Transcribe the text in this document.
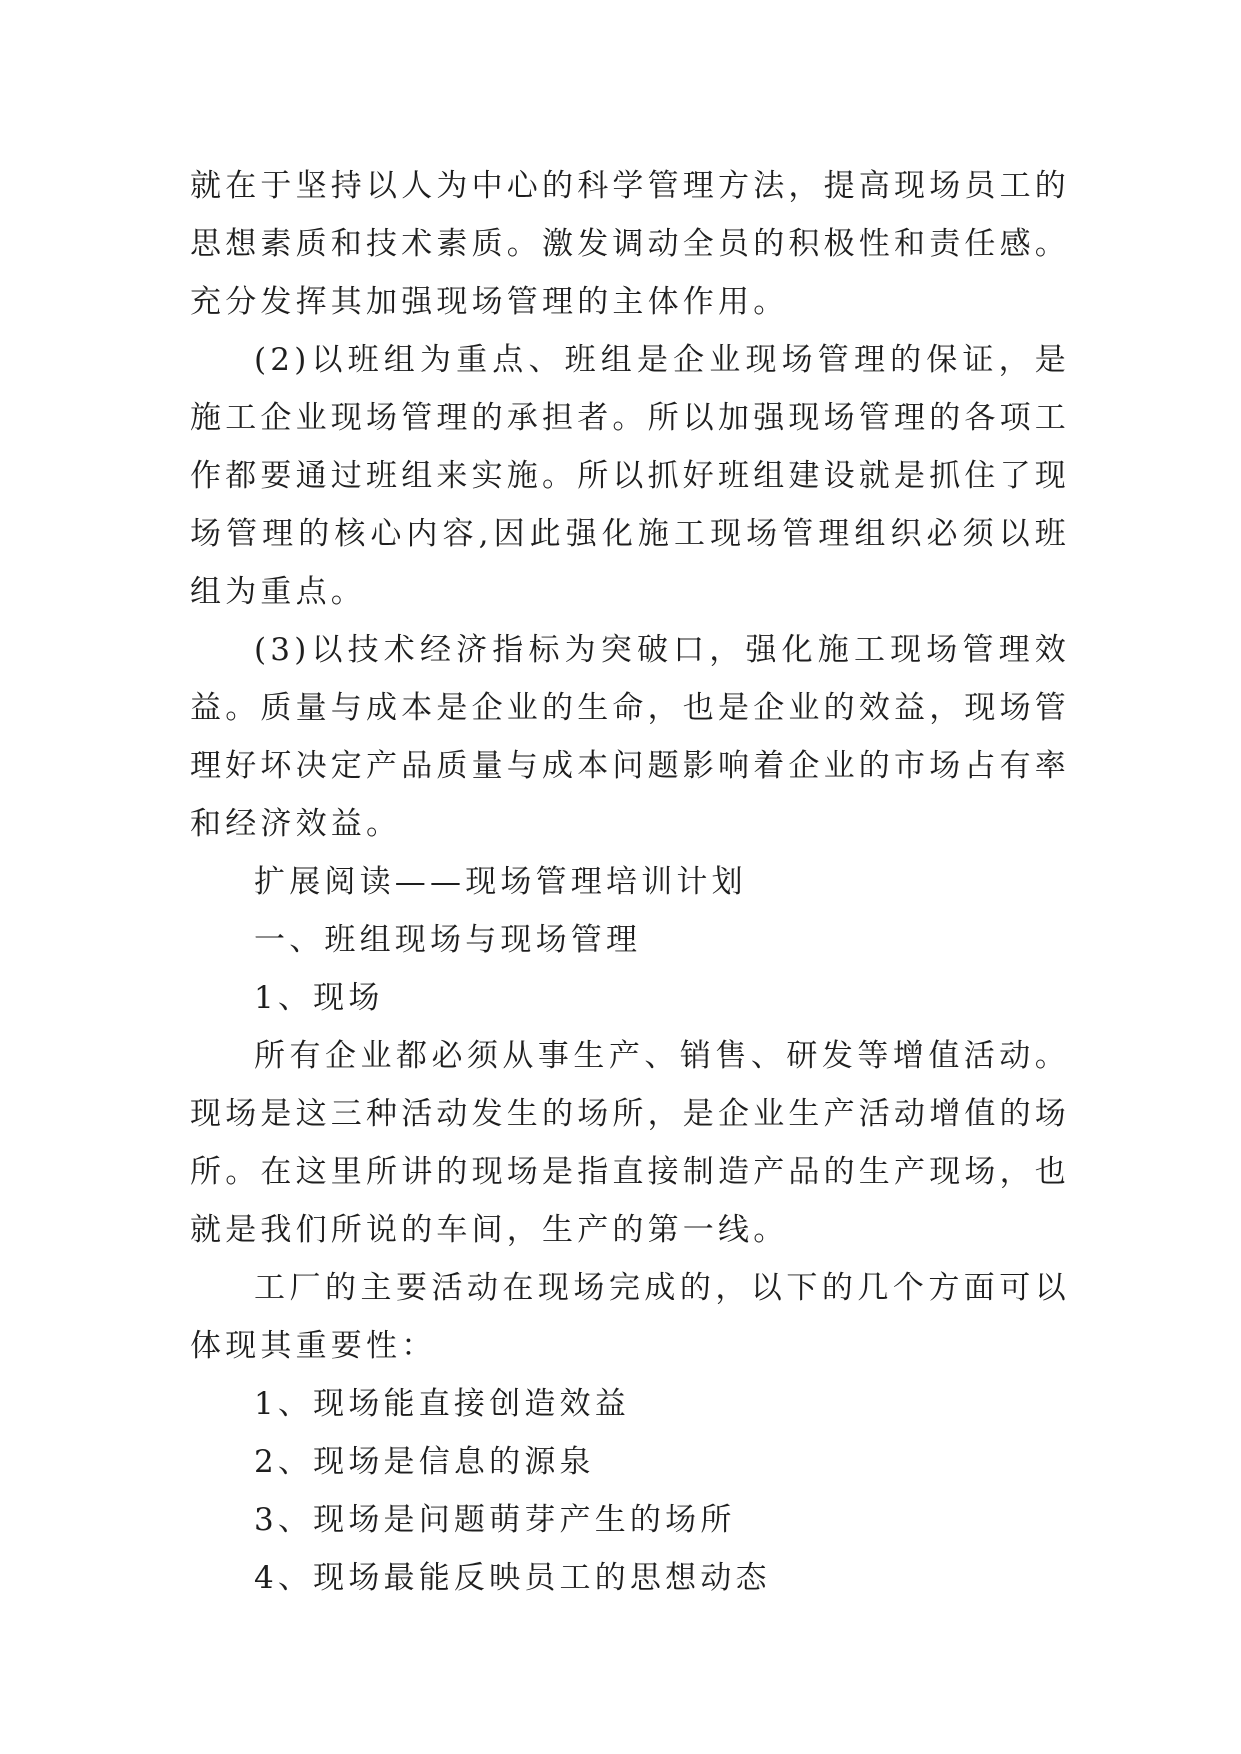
就在于坚持以人为中心的科学管理方法，提高现场员工的思想素质和技术素质。激发调动全员的积极性和责任感。充分发挥其加强现场管理的主体作用。

(2)以班组为重点、班组是企业现场管理的保证，是施工企业现场管理的承担者。所以加强现场管理的各项工作都要通过班组来实施。所以抓好班组建设就是抓住了现场管理的核心内容,因此强化施工现场管理组织必须以班组为重点。

(3)以技术经济指标为突破口，强化施工现场管理效益。质量与成本是企业的生命，也是企业的效益，现场管理好坏决定产品质量与成本问题影响着企业的市场占有率和经济效益。

扩展阅读——现场管理培训计划

一、班组现场与现场管理

1、现场

所有企业都必须从事生产、销售、研发等增值活动。现场是这三种活动发生的场所，是企业生产活动增值的场所。在这里所讲的现场是指直接制造产品的生产现场，也就是我们所说的车间，生产的第一线。

工厂的主要活动在现场完成的，以下的几个方面可以体现其重要性：

1、现场能直接创造效益

2、现场是信息的源泉

3、现场是问题萌芽产生的场所

4、现场最能反映员工的思想动态
